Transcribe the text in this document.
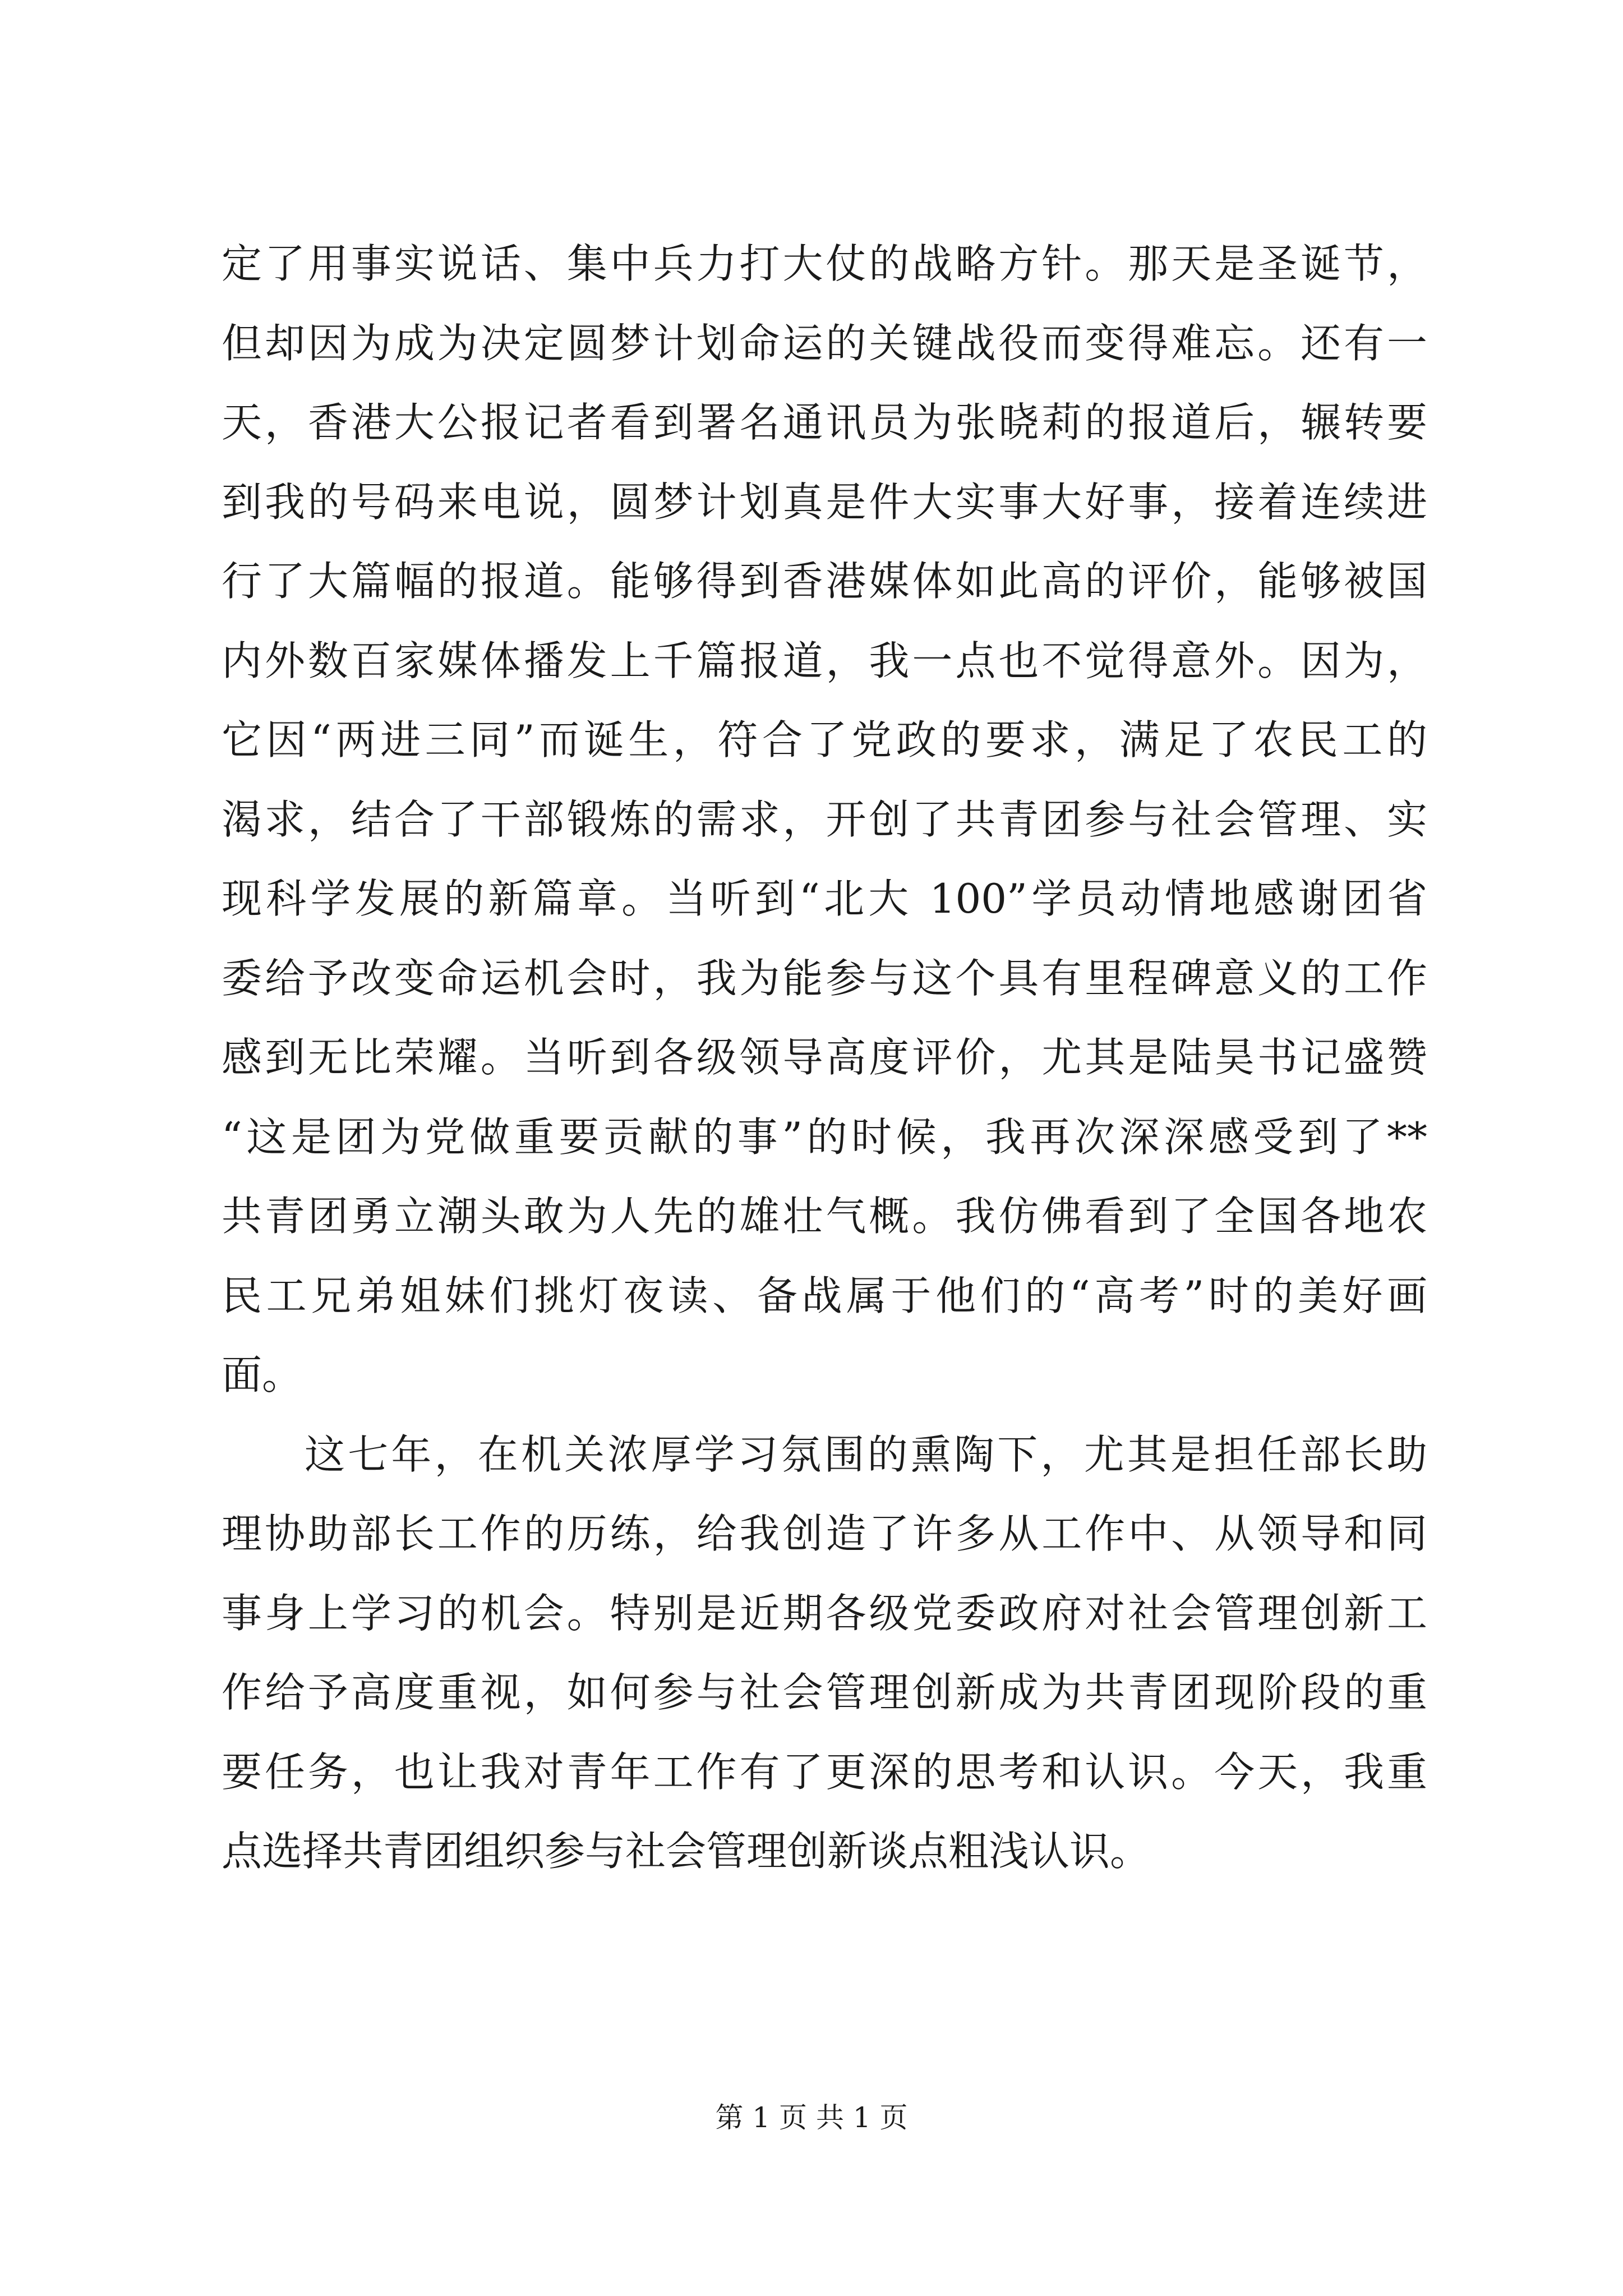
定了用事实说话、集中兵力打大仗的战略方针。那天是圣诞节，
但却因为成为决定圆梦计划命运的关键战役而变得难忘。还有一
天，香港大公报记者看到署名通讯员为张晓莉的报道后，辗转要
到我的号码来电说，圆梦计划真是件大实事大好事，接着连续进
行了大篇幅的报道。能够得到香港媒体如此高的评价，能够被国
内外数百家媒体播发上千篇报道，我一点也不觉得意外。因为，
它因“两进三同”而诞生，符合了党政的要求，满足了农民工的
渴求，结合了干部锻炼的需求，开创了共青团参与社会管理、实
现科学发展的新篇章。当听到“北大 100”学员动情地感谢团省
委给予改变命运机会时，我为能参与这个具有里程碑意义的工作
感到无比荣耀。当听到各级领导高度评价，尤其是陆昊书记盛赞
“这是团为党做重要贡献的事”的时候，我再次深深感受到了**
共青团勇立潮头敢为人先的雄壮气概。我仿佛看到了全国各地农
民工兄弟姐妹们挑灯夜读、备战属于他们的“高考”时的美好画
面。
这七年，在机关浓厚学习氛围的熏陶下，尤其是担任部长助
理协助部长工作的历练，给我创造了许多从工作中、从领导和同
事身上学习的机会。特别是近期各级党委政府对社会管理创新工
作给予高度重视，如何参与社会管理创新成为共青团现阶段的重
要任务，也让我对青年工作有了更深的思考和认识。今天，我重
点选择共青团组织参与社会管理创新谈点粗浅认识。
第 1 页 共 1 页
